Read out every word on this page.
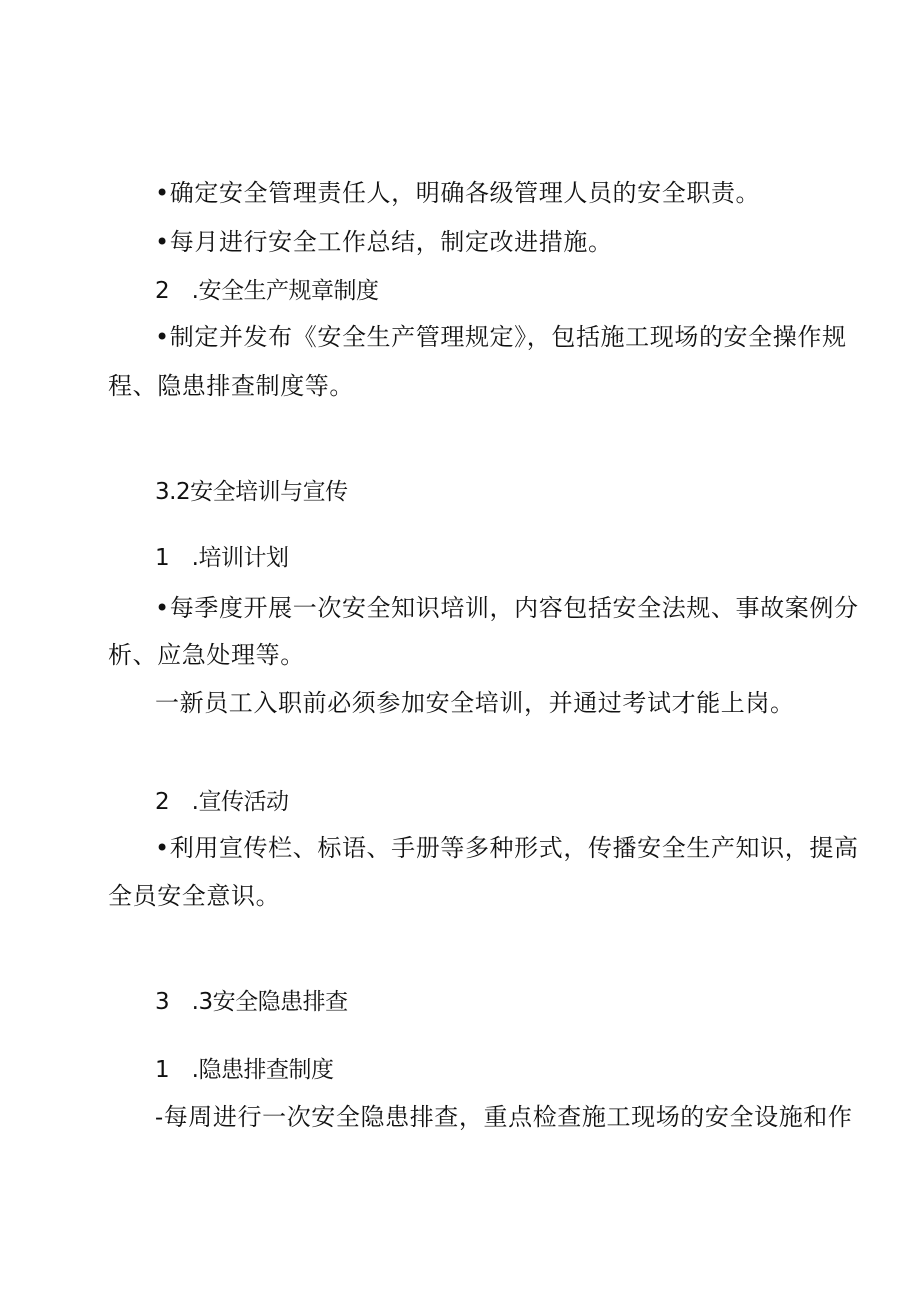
•确定安全管理责任人，明确各级管理人员的安全职责。
•每月进行安全工作总结，制定改进措施。
2　.安全生产规章制度
•制定并发布《安全生产管理规定》，包括施工现场的安全操作规
程、隐患排查制度等。
3.2安全培训与宣传
1　.培训计划
•每季度开展一次安全知识培训，内容包括安全法规、事故案例分
析、应急处理等。
一新员工入职前必须参加安全培训，并通过考试才能上岗。
2　.宣传活动
•利用宣传栏、标语、手册等多种形式，传播安全生产知识，提高
全员安全意识。
3　.3安全隐患排查
1　.隐患排查制度
-每周进行一次安全隐患排查，重点检查施工现场的安全设施和作
